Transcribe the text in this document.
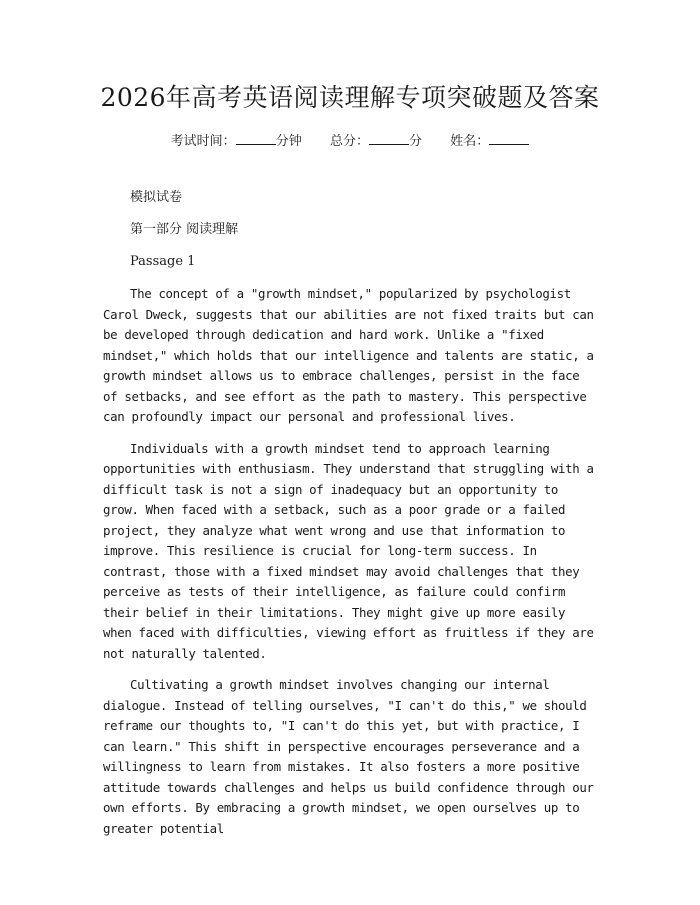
2026年高考英语阅读理解专项突破题及答案
考试时间：	分钟 总分：	分 姓名：

模拟试卷

第一部分 阅读理解

Passage 1

The concept of a "growth mindset," popularized by psychologist Carol Dweck, suggests that our abilities are not fixed traits but can be developed through dedication and hard work. Unlike a "fixed mindset," which holds that our intelligence and talents are static, a growth mindset allows us to embrace challenges, persist in the face of setbacks, and see effort as the path to mastery. This perspective can profoundly impact our personal and professional lives.

Individuals with a growth mindset tend to approach learning opportunities with enthusiasm. They understand that struggling with a difficult task is not a sign of inadequacy but an opportunity to grow. When faced with a setback, such as a poor grade or a failed project, they analyze what went wrong and use that information to improve. This resilience is crucial for long-term success. In contrast, those with a fixed mindset may avoid challenges that they perceive as tests of their intelligence, as failure could confirm their belief in their limitations. They might give up more easily when faced with difficulties, viewing effort as fruitless if they are not naturally talented.

Cultivating a growth mindset involves changing our internal dialogue. Instead of telling ourselves, "I can't do this," we should reframe our thoughts to, "I can't do this yet, but with practice, I can learn." This shift in perspective encourages perseverance and a willingness to learn from mistakes. It also fosters a more positive attitude towards challenges and helps us build confidence through our own efforts. By embracing a growth mindset, we open ourselves up to greater potential
